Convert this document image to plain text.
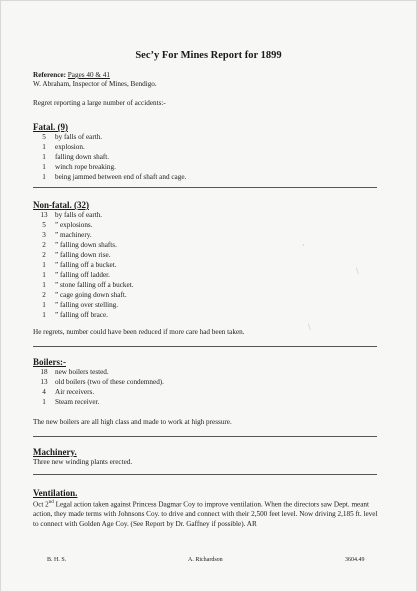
Sec’y For Mines Report for 1899
Reference: Pages 40 & 41
W. Abraham, Inspector of Mines, Bendigo.
Regret reporting a large number of accidents:-
Fatal. (9)
5 by falls of earth.
1 explosion.
1 falling down shaft.
1 winch rope breaking.
1 being jammed between end of shaft and cage.
Non-fatal. (32)
13 by falls of earth.
5 ” explosions.
3 ” machinery.
2 ” falling down shafts.
2 ” falling down rise.
1 ” falling off a bucket.
1 ” falling off ladder.
1 ” stone falling off a bucket.
2 ” cage going down shaft.
1 ” falling over stelling.
1 ” falling off brace.
He regrets, number could have been reduced if more care had been taken.
Boilers:-
18 new boilers tested.
13 old boilers (two of these condemned).
4 Air receivers.
1 Steam receiver.
The new boilers are all high class and made to work at high pressure.
Machinery.
Three new winding plants erected.
Ventilation.
Oct 2nd Legal action taken against Princess Dagmar Coy to improve ventilation. When the directors saw Dept. meant action, they made terms with Johnsons Coy. to drive and connect with their 2,500 feet level. Now driving 2,185 ft. level to connect with Golden Age Coy. (See Report by Dr. Gaffney if possible). AR
B. H. S.	A. Richardson	3604.49
·
\
\
